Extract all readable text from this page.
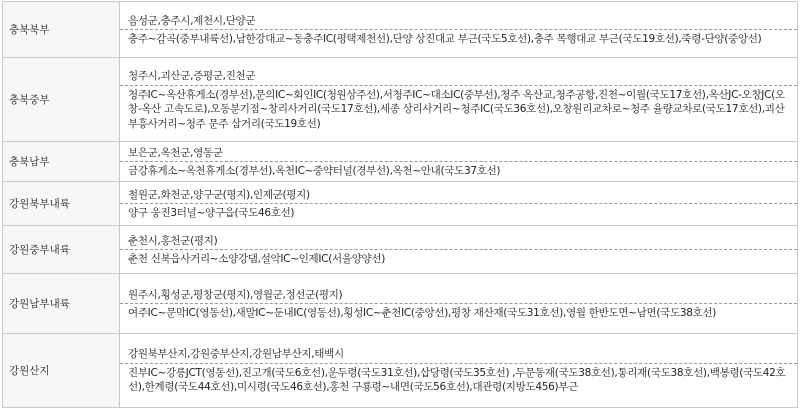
충북북부	음성군,충주시,제천시,단양군
충주~감곡(중부내륙선),남한강대교~동충주IC(평택제천선),단양 상진대교 부근(국도5호선),충주 목행대교 부근(국도19호선),죽령-단양(중앙선)

충북중부	청주시,괴산군,증평군,진천군
청주IC~옥산휴게소(경부선),문의IC~회인IC(청원상주선),서청주IC~대소IC(중부선),청주 옥산교,청주공항,진천~이월(국도17호선),옥산JC-오창JC(오창-옥산 고속도로),오동분기점~창리사거리(국도17호선),세종 상리사거리~청주IC(국도36호선),오창원리교차로~청주 율량교차로(국도17호선),괴산 부흥사거리~청주 문주 삼거리(국도19호선)

충북남부	보은군,옥천군,영동군
금강휴게소~옥천휴게소(경부선),옥천IC~중약터널(경부선),옥천~안내(국도37호선)

강원북부내륙	철원군,화천군,양구군(평지),인제군(평지)
양구 웅진3터널~양구읍(국도46호선)

강원중부내륙	춘천시,홍천군(평지)
춘천 신북읍사거리~소양강댐,설악IC~인제IC(서울양양선)

강원남부내륙	원주시,횡성군,평창군(평지),영월군,정선군(평지)
여주IC~문막IC(영동선),새말IC~둔내IC(영동선),횡성IC~춘천IC(중앙선),평창 재산재(국도31호선),영월 한반도면~남면(국도38호선)

강원산지	강원북부산지,강원중부산지,강원남부산지,태백시
진부IC~강릉JCT(영동선),진고개(국도6호선),운두령(국도31호선),삽당령(국도35호선) ,두문동재(국도38호선),통리재(국도38호선),백봉령(국도42호선),한계령(국도44호선),미시령(국도46호선),홍천 구룡령~내면(국도56호선),대관령(지방도456)부근
